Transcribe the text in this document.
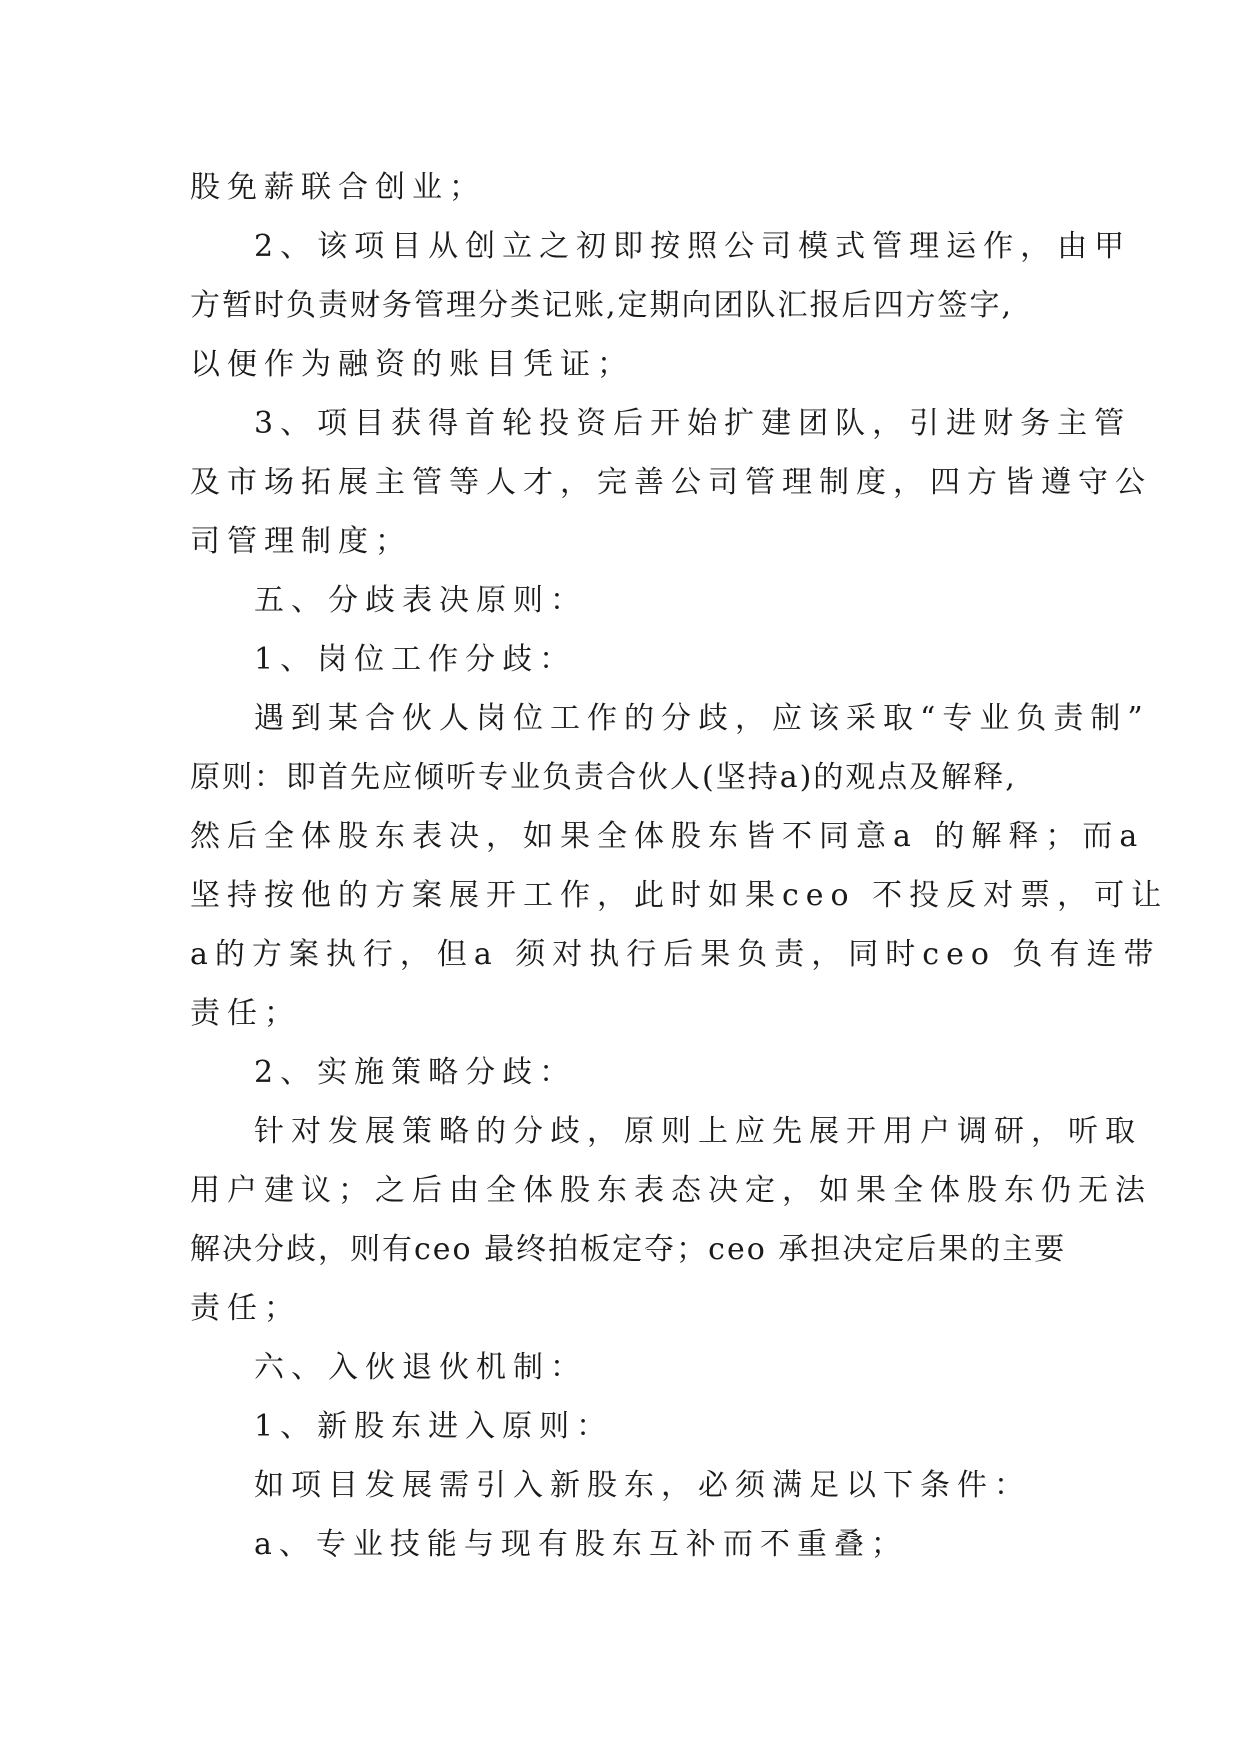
股免薪联合创业；
2、该项目从创立之初即按照公司模式管理运作，由甲
方暂时负责财务管理分类记账,定期向团队汇报后四方签字,
以便作为融资的账目凭证；
3、项目获得首轮投资后开始扩建团队，引进财务主管
及市场拓展主管等人才，完善公司管理制度，四方皆遵守公
司管理制度；
五、分歧表决原则：
1、岗位工作分歧：
遇到某合伙人岗位工作的分歧，应该采取“专业负责制”
原则：即首先应倾听专业负责合伙人(坚持a)的观点及解释,
然后全体股东表决，如果全体股东皆不同意a 的解释；而a
坚持按他的方案展开工作，此时如果ceo 不投反对票，可让
a的方案执行，但a 须对执行后果负责，同时ceo 负有连带
责任；
2、实施策略分歧：
针对发展策略的分歧，原则上应先展开用户调研，听取
用户建议；之后由全体股东表态决定，如果全体股东仍无法
解决分歧，则有ceo 最终拍板定夺；ceo 承担决定后果的主要
责任；
六、入伙退伙机制：
1、新股东进入原则：
如项目发展需引入新股东，必须满足以下条件：
a、专业技能与现有股东互补而不重叠；
